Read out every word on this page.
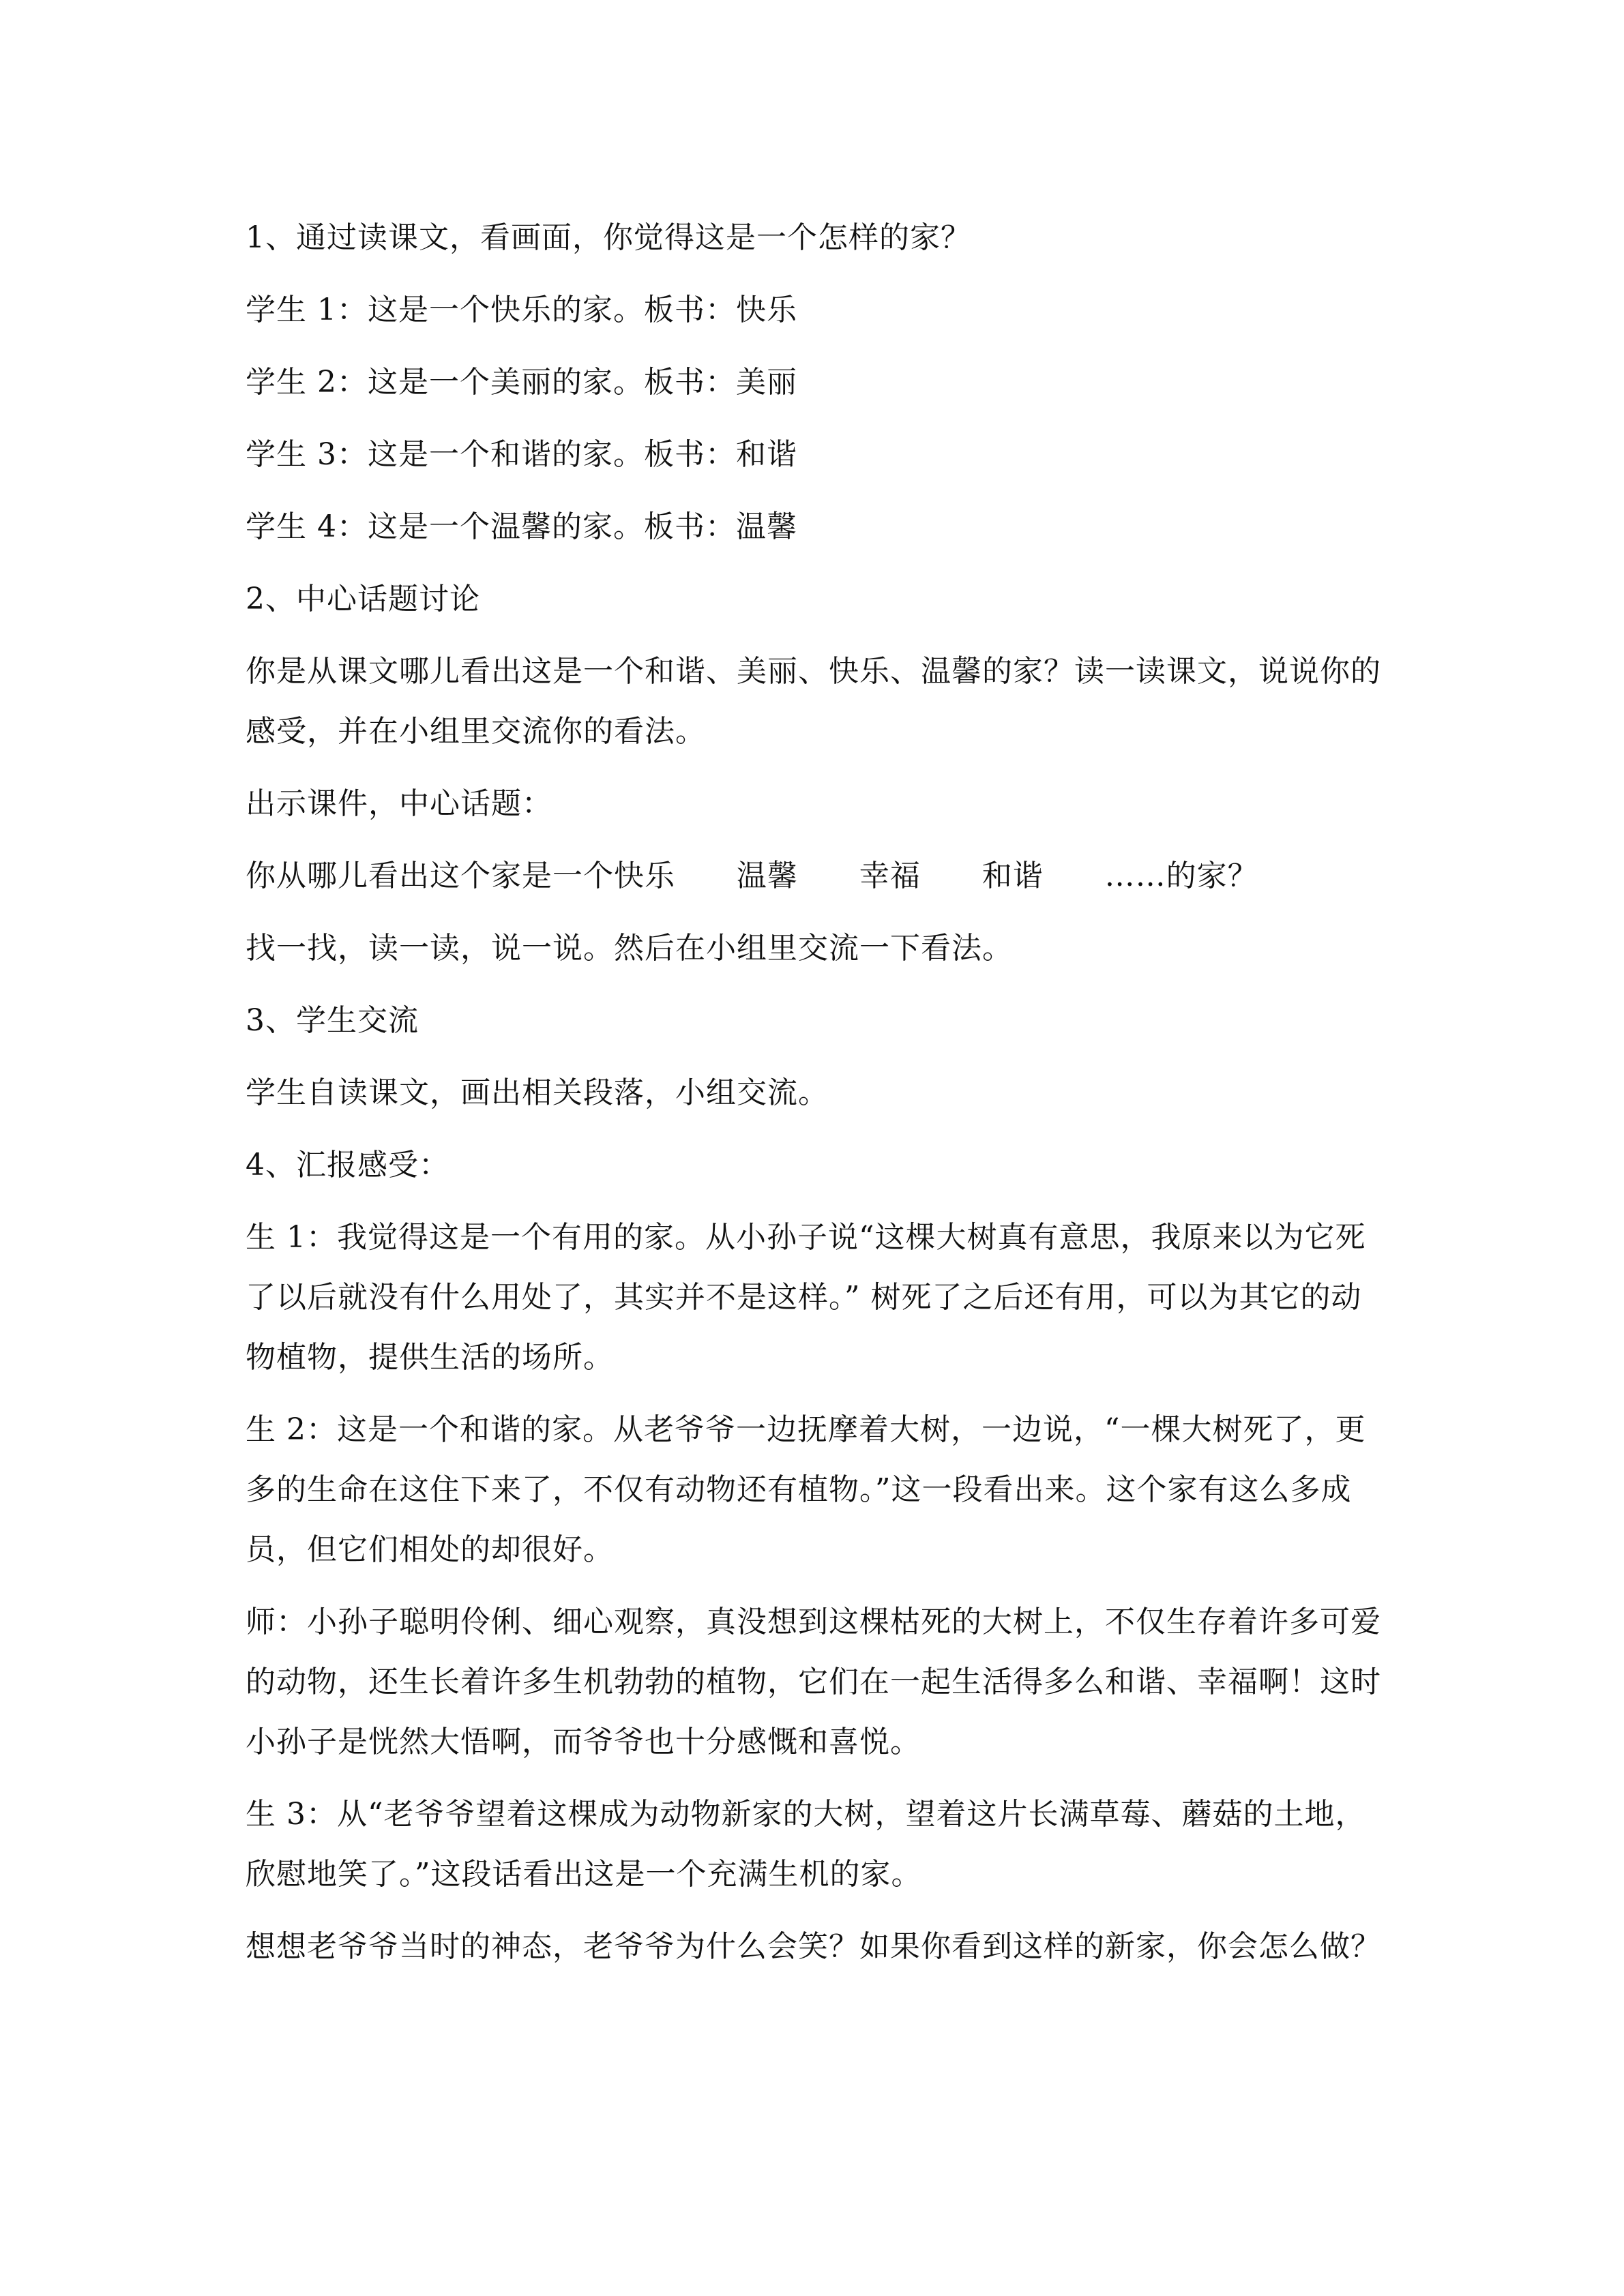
1、通过读课文，看画面，你觉得这是一个怎样的家？

学生 1：这是一个快乐的家。板书：快乐

学生 2：这是一个美丽的家。板书：美丽

学生 3：这是一个和谐的家。板书：和谐

学生 4：这是一个温馨的家。板书：温馨

2、中心话题讨论

你是从课文哪儿看出这是一个和谐、美丽、快乐、温馨的家？读一读课文，说说你的感受，并在小组里交流你的看法。

出示课件，中心话题：

你从哪儿看出这个家是一个快乐      温馨      幸福      和谐      ……的家？

找一找，读一读，说一说。然后在小组里交流一下看法。

3、学生交流

学生自读课文，画出相关段落，小组交流。

4、汇报感受：

生 1：我觉得这是一个有用的家。从小孙子说“这棵大树真有意思，我原来以为它死了以后就没有什么用处了，其实并不是这样。” 树死了之后还有用，可以为其它的动物植物，提供生活的场所。

生 2：这是一个和谐的家。从老爷爷一边抚摩着大树，一边说，“一棵大树死了，更多的生命在这住下来了，不仅有动物还有植物。”这一段看出来。这个家有这么多成员，但它们相处的却很好。

师：小孙子聪明伶俐、细心观察，真没想到这棵枯死的大树上，不仅生存着许多可爱的动物，还生长着许多生机勃勃的植物，它们在一起生活得多么和谐、幸福啊！这时小孙子是恍然大悟啊，而爷爷也十分感慨和喜悦。

生 3：从“老爷爷望着这棵成为动物新家的大树，望着这片长满草莓、蘑菇的土地，欣慰地笑了。”这段话看出这是一个充满生机的家。

想想老爷爷当时的神态，老爷爷为什么会笑？如果你看到这样的新家，你会怎么做？
